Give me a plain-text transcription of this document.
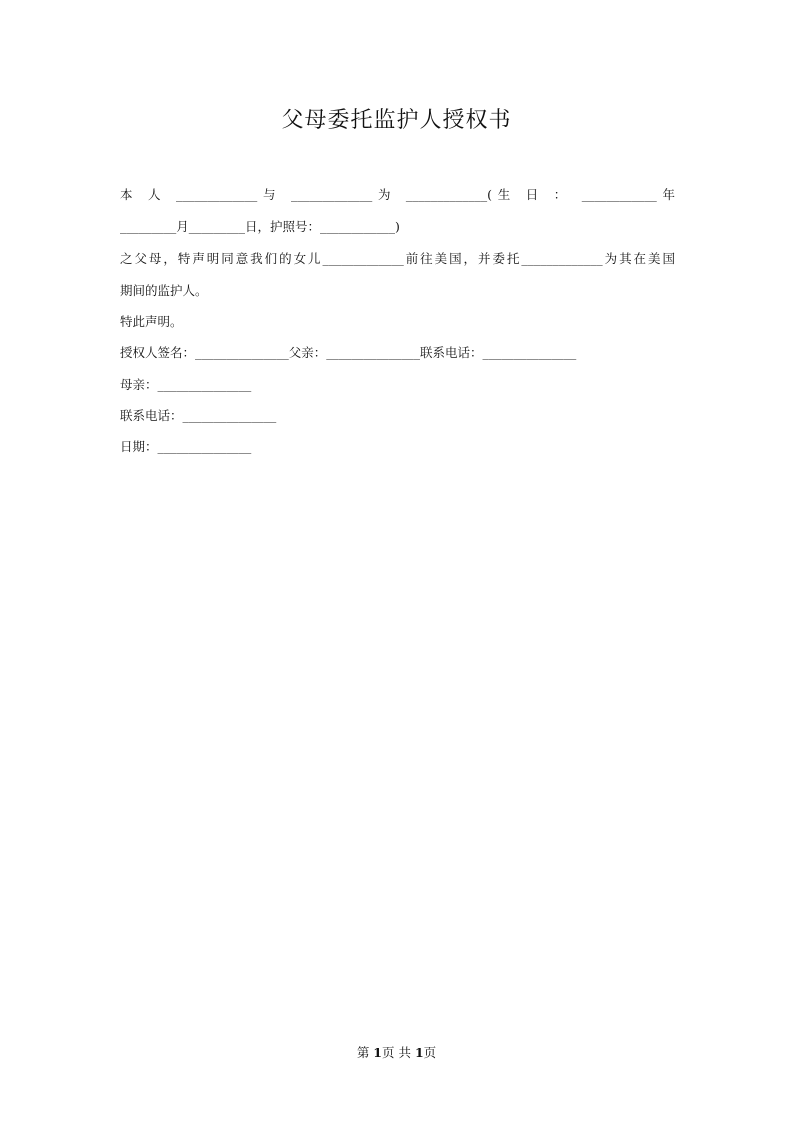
父母委托监护人授权书
本 人 _____________与 _____________为 _____________(生 日 ： ____________年
_________月_________日，护照号：____________)
之父母，特声明同意我们的女儿_____________前往美国，并委托_____________为其在美国
期间的监护人。
特此声明。
授权人签名：_______________父亲：_______________联系电话：_______________
母亲：_______________
联系电话：_______________
日期：_______________
第 1页 共 1页
